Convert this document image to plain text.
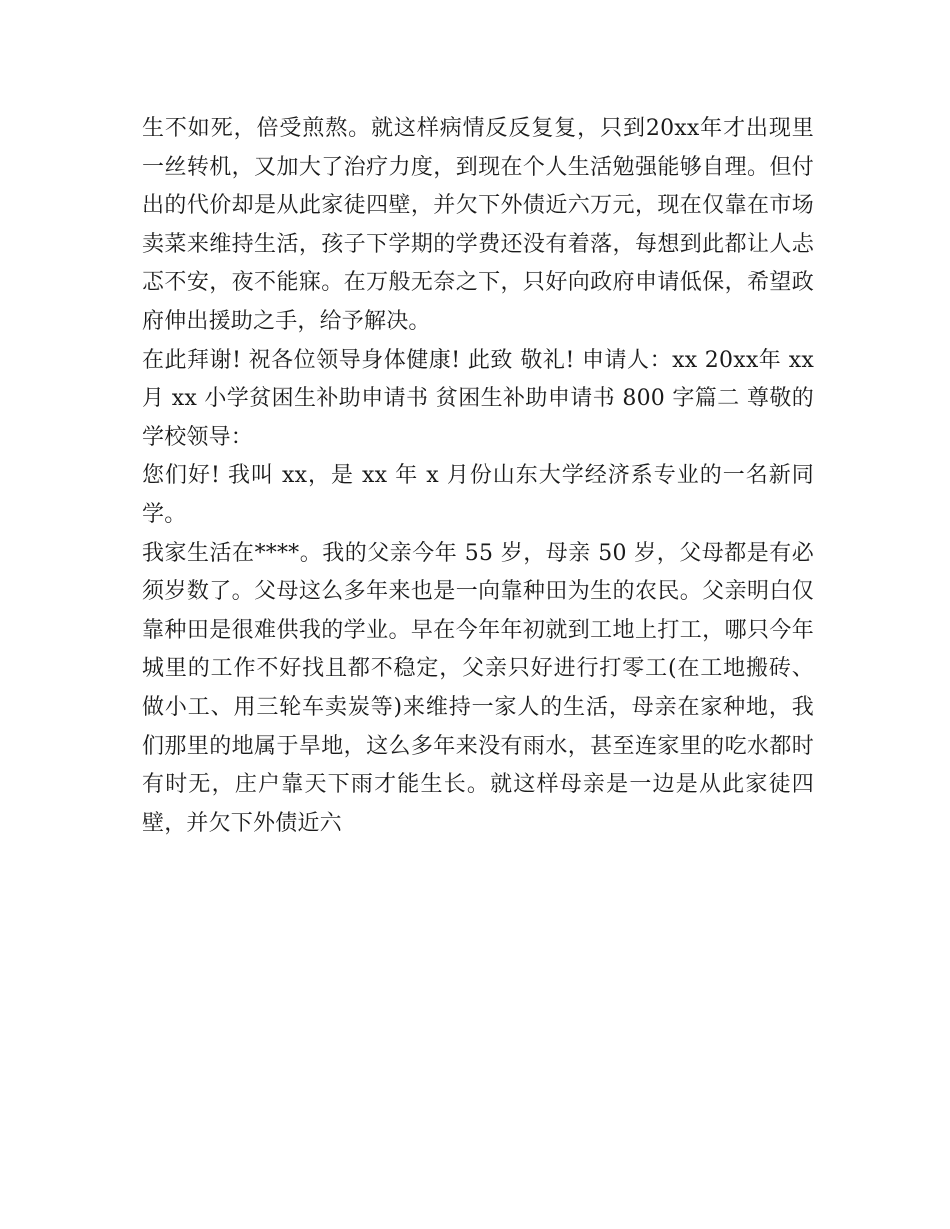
生不如死，倍受煎熬。就这样病情反反复复，只到20xx年才出现里一丝转机，又加大了治疗力度，到现在个人生活勉强能够自理。但付出的代价却是从此家徒四壁，并欠下外债近六万元，现在仅靠在市场卖菜来维持生活，孩子下学期的学费还没有着落，每想到此都让人忐忑不安，夜不能寐。在万般无奈之下，只好向政府申请低保，希望政府伸出援助之手，给予解决。

在此拜谢! 祝各位领导身体健康! 此致 敬礼! 申请人：xx 20xx年 xx 月 xx 小学贫困生补助申请书 贫困生补助申请书 800 字篇二 尊敬的学校领导：

您们好! 我叫 xx，是 xx 年 x 月份山东大学经济系专业的一名新同学。

我家生活在****。我的父亲今年 55 岁，母亲 50 岁，父母都是有必须岁数了。父母这么多年来也是一向靠种田为生的农民。父亲明白仅靠种田是很难供我的学业。早在今年年初就到工地上打工，哪只今年城里的工作不好找且都不稳定，父亲只好进行打零工(在工地搬砖、做小工、用三轮车卖炭等)来维持一家人的生活，母亲在家种地，我们那里的地属于旱地，这么多年来没有雨水，甚至连家里的吃水都时有时无，庄户靠天下雨才能生长。就这样母亲是一边是从此家徒四壁，并欠下外债近六
